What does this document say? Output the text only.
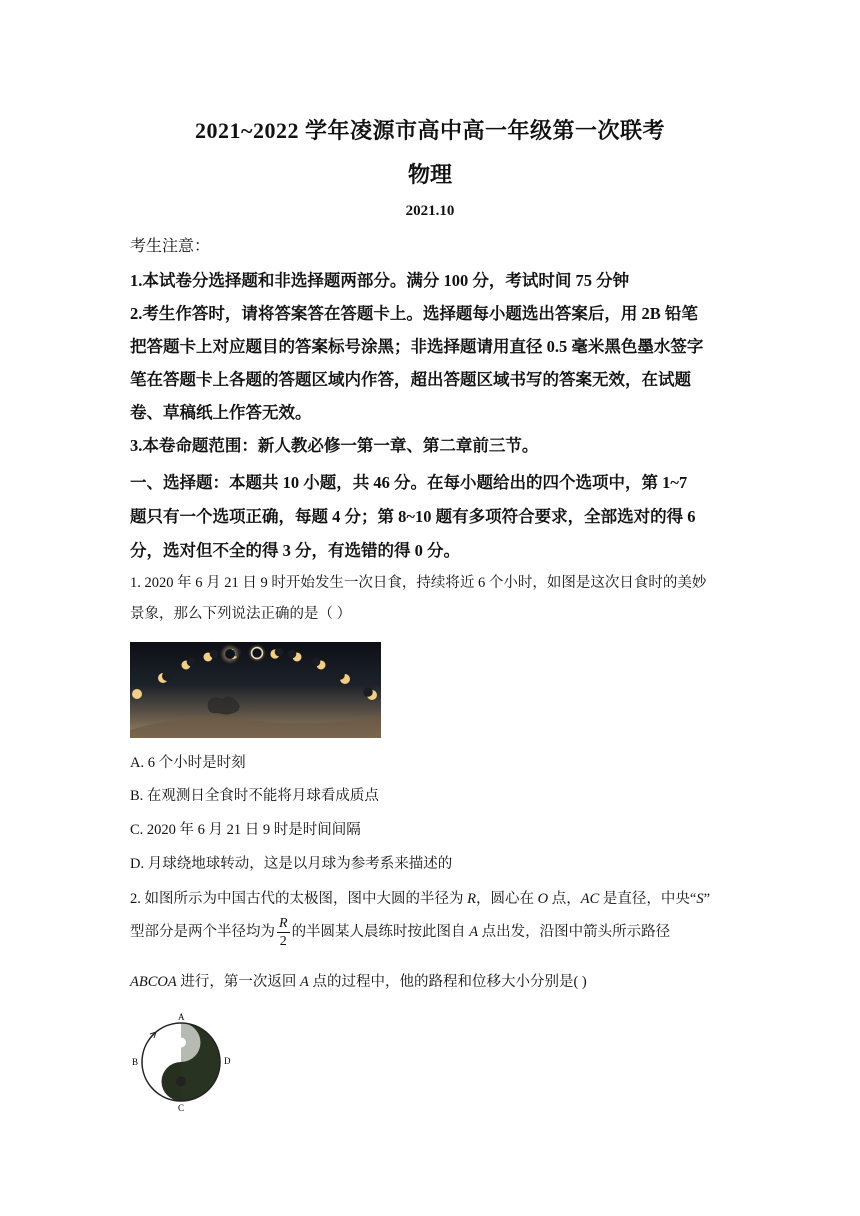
2021~2022 学年凌源市高中高一年级第一次联考
物理
2021.10
考生注意：
1.本试卷分选择题和非选择题两部分。满分 100 分，考试时间 75 分钟
2.考生作答时，请将答案答在答题卡上。选择题每小题选出答案后，用 2B 铅笔
把答题卡上对应题目的答案标号涂黑；非选择题请用直径 0.5 毫米黑色墨水签字
笔在答题卡上各题的答题区域内作答，超出答题区域书写的答案无效，在试题
卷、草稿纸上作答无效。
3.本卷命题范围：新人教必修一第一章、第二章前三节。
一、选择题：本题共 10 小题，共 46 分。在每小题给出的四个选项中，第 1~7
题只有一个选项正确，每题 4 分；第 8~10 题有多项符合要求，全部选对的得 6
分，选对但不全的得 3 分，有选错的得 0 分。
1. 2020 年 6 月 21 日 9 时开始发生一次日食，持续将近 6 个小时，如图是这次日食时的美妙
景象，那么下列说法正确的是（ ）
A. 6 个小时是时刻
B. 在观测日全食时不能将月球看成质点
C. 2020 年 6 月 21 日 9 时是时间间隔
D. 月球绕地球转动，这是以月球为参考系来描述的
2. 如图所示为中国古代的太极图，图中大圆的半径为 R，圆心在 O 点，AC 是直径，中央“S”
型部分是两个半径均为 $\frac{R}{2}$ 的半圆某人晨练时按此图自 A 点出发，沿图中箭头所示路径
ABCOA 进行，第一次返回 A 点的过程中，他的路程和位移大小分别是( )
A
B
C
D
